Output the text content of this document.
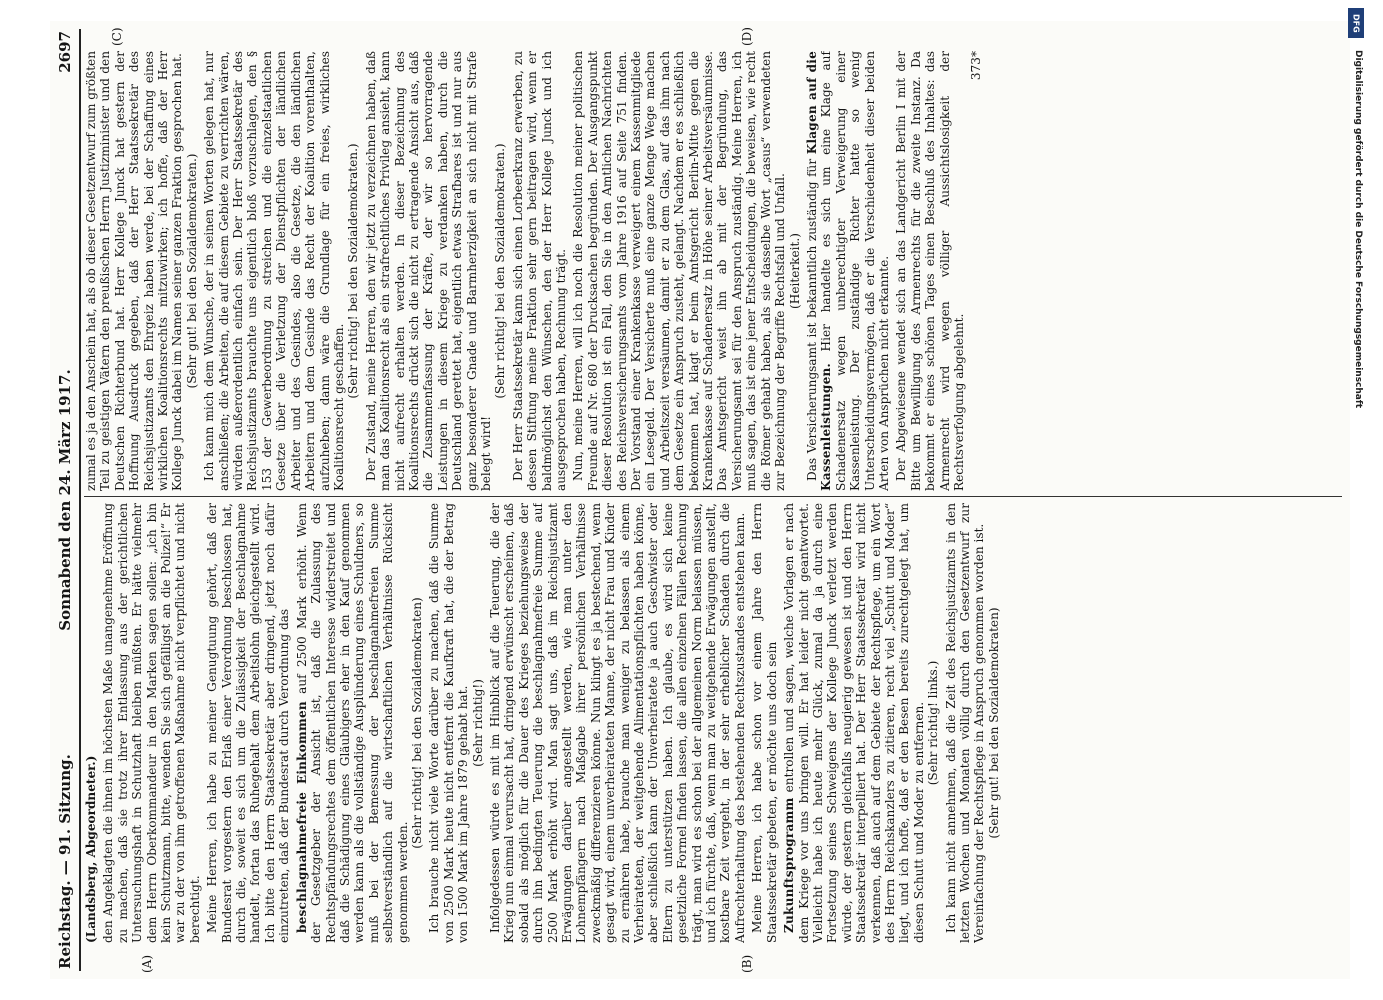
Reichstag. — 91. Sitzung.
Sonnabend den 24. März 1917.
2697
(A)	(B)

(Landsberg, Abgeordneter.) den Angeklagten die ihnen im höchsten Maße unangenehme Eröffnung zu machen, daß sie trotz ihrer Entlassung aus der gerichtlichen Untersuchungshaft in Schutzhaft bleiben müßten. Er hätte vielmehr dem Herrn Oberkommandeur in den Marken sagen sollen: „ich bin kein Schutzmann, bitte, wenden Sie sich gefälligst an die Polizei!“ Er war zu der von ihm getroffenen Maßnahme nicht verpflichtet und nicht berechtigt. Meine Herren, ich habe zu meiner Genugtuung gehört, daß der Bundesrat vorgestern den Erlaß einer Verordnung beschlossen hat, durch die, soweit es sich um die Zulässigkeit der Beschlagnahme handelt, fortan das Ruhegehalt dem Arbeitslohn gleichgestellt wird. Ich bitte den Herrn Staatssekretär aber dringend, jetzt noch dafür einzutreten, daß der Bundesrat durch Verordnung das beschlagnahmefreie Einkommen auf 2500 Mark erhöht. Wenn der Gesetzgeber der Ansicht ist, daß die Zulassung des Rechtspfändungsrechtes dem öffentlichen Interesse widerstreitet und daß die Schädigung eines Gläubigers eher in den Kauf genommen werden kann als die vollständige Ausplünderung eines Schuldners, so muß bei der Bemessung der beschlagnahmefreien Summe selbstverständlich auf die wirtschaftlichen Verhältnisse Rücksicht genommen werden.

(Sehr richtig! bei den Sozialdemokraten) Ich brauche nicht viele Worte darüber zu machen, daß die Summe von 2500 Mark heute nicht entfernt die Kaufkraft hat, die der Betrag von 1500 Mark im Jahre 1879 gehabt hat. (Sehr richtig!) Infolgedessen würde es mit im Hinblick auf die Teuerung, die der Krieg nun einmal verursacht hat, dringend erwünscht erscheinen, daß sobald als möglich für die Dauer des Krieges beziehungsweise der durch ihn bedingten Teuerung die beschlagnahmefreie Summe auf 2500 Mark erhöht wird. Man sagt uns, daß im Reichsjustizamt Erwägungen darüber angestellt werden, wie man unter den Lohnempfängern nach Maßgabe ihrer persönlichen Verhältnisse zweckmäßig differenzieren könne. Nun klingt es ja bestechend, wenn gesagt wird, einem unverheirateten Manne, der nicht Frau und Kinder zu ernähren habe, brauche man weniger zu belassen als einem Verheirateten, der weitgehende Alimentationspflichten haben könne, aber schließlich kann der Unverheiratete ja auch Geschwister oder Eltern zu unterstützen haben. Ich glaube, es wird sich keine gesetzliche Formel finden lassen, die allen einzelnen Fällen Rechnung trägt, man wird es schon bei der allgemeinen Norm belassen müssen, und ich fürchte, daß, wenn man zu weitgehende Erwägungen anstellt, kostbare Zeit vergeht, in der sehr erheblicher Schaden durch die Aufrechterhaltung des bestehenden Rechtszustandes entstehen kann. Meine Herren, ich habe schon vor einem Jahre den Herrn Staatssekretär gebeten, er möchte uns doch sein Zukunftsprogramm entrollen und sagen, welche Vorlagen er nach dem Kriege vor uns bringen will. Er hat leider nicht geantwortet. Vielleicht habe ich heute mehr Glück, zumal da ja durch eine Fortsetzung seines Schweigens der Kollege Junck verletzt werden würde, der gestern gleichfalls neugierig gewesen ist und den Herrn Staatssekretär interpelliert hat. Der Herr Staatssekretär wird nicht verkennen, daß auch auf dem Gebiete der Rechtspflege, um ein Wort des Herrn Reichskanzlers zu zitieren, recht viel „Schutt und Moder“ liegt, und ich hoffe, daß er den Besen bereits zurechtgelegt hat, um diesen Schutt und Moder zu entfernen. (Sehr richtig! links.) Ich kann nicht annehmen, daß die Zeit des Reichsjustizamts in den letzten Wochen und Monaten völlig durch den Gesetzentwurf zur Vereinfachung der Rechtspflege in Anspruch genommen worden ist. (Sehr gut! bei den Sozialdemokraten)

zumal es ja den Anschein hat, als ob dieser Gesetzentwurf zum größten Teil zu geistigen Vätern den preußischen Herrn Justizminister und den Deutschen Richterbund hat. Herr Kollege Junck hat gestern der Hoffnung Ausdruck gegeben, daß der Herr Staatssekretär des Reichsjustizamts den Ehrgeiz haben werde, bei der Schaffung eines wirklichen Koalitionsrechts mitzuwirken; ich hoffe, daß der Herr Kollege Junck dabei im Namen seiner ganzen Fraktion gesprochen hat. (Sehr gut! bei den Sozialdemokraten.) Ich kann mich dem Wunsche, der in seinen Worten gelegen hat, nur anschließen; die Arbeiten, die auf diesem Gebiete zu verrichten wären, würden außerordentlich einfach sein. Der Herr Staatssekretär des Reichsjustizamts brauchte uns eigentlich bloß vorzuschlagen, den § 153 der Gewerbeordnung zu streichen und die einzelstaatlichen Gesetze über die Verletzung der Dienstpflichten der ländlichen Arbeiter und des Gesindes, also die Gesetze, die den ländlichen Arbeitern und dem Gesinde das Recht der Koalition vorenthalten, aufzuheben; dann wäre die Grundlage für ein freies, wirkliches Koalitionsrecht geschaffen.

(Sehr richtig! bei den Sozialdemokraten.) Der Zustand, meine Herren, den wir jetzt zu verzeichnen haben, daß man das Koalitionsrecht als ein strafrechtliches Privileg ansieht, kann nicht aufrecht erhalten werden. In dieser Bezeichnung des Koalitionsrechts drückt sich die nicht zu ertragende Ansicht aus, daß die Zusammenfassung der Kräfte, der wir so hervorragende Leistungen in diesem Kriege zu verdanken haben, durch die Deutschland gerettet hat, eigentlich etwas Strafbares ist und nur aus ganz besonderer Gnade und Barmherzigkeit an sich nicht mit Strafe belegt wird!

(Sehr richtig! bei den Sozialdemokraten.) Der Herr Staatssekretär kann sich einen Lorbeerkranz erwerben, zu dessen Stiftung meine Fraktion sehr gern beitragen wird, wenn er baldmöglichst den Wünschen, den der Herr Kollege Junck und ich ausgesprochen haben, Rechnung trägt. Nun, meine Herren, will ich noch die Resolution meiner politischen Freunde auf Nr. 680 der Drucksachen begründen. Der Ausgangspunkt dieser Resolution ist ein Fall, den Sie in den Amtlichen Nachrichten des Reichsversicherungsamts vom Jahre 1916 auf Seite 751 finden. Der Vorstand einer Krankenkasse verweigert einem Kassenmitgliede ein Lesegeld. Der Versicherte muß eine ganze Menge Wege machen und Arbeitszeit versäumen, damit er zu dem Glas, auf das ihm nach dem Gesetze ein Anspruch zusteht, gelangt. Nachdem er es schließlich bekommen hat, klagt er beim Amtsgericht Berlin-Mitte gegen die Krankenkasse auf Schadenersatz in Höhe seiner Arbeitsversäumnisse. Das Amtsgericht weist ihn ab mit der Begründung, das Versicherungsamt sei für den Anspruch zuständig. Meine Herren, ich muß sagen, das ist eine jener Entscheidungen, die beweisen, wie recht die Römer gehabt haben, als sie dasselbe Wort „casus“ verwendeten zur Bezeichnung der Begriffe Rechtsfall und Unfall. (Heiterkeit.) Das Versicherungsamt ist bekanntlich zuständig für Klagen auf die Kassenleistungen. Hier handelte es sich um eine Klage auf Schadenersatz wegen unberechtigter Verweigerung einer Kassenleistung. Der zuständige Richter hatte so wenig Unterscheidungsvermögen, daß er die Verschiedenheit dieser beiden Arten von Ansprüchen nicht erkannte. Der Abgewiesene wendet sich an das Landgericht Berlin I mit der Bitte um Bewilligung des Armenrechts für die zweite Instanz. Da bekommt er eines schönen Tages einen Beschluß des Inhaltes: das Armenrecht wird wegen völliger Aussichtslosigkeit der Rechtsverfolgung abgelehnt.

373*

(C)	(D)
DFG
Digitalisierung gefördert durch die Deutsche Forschungsgemeinschaft
